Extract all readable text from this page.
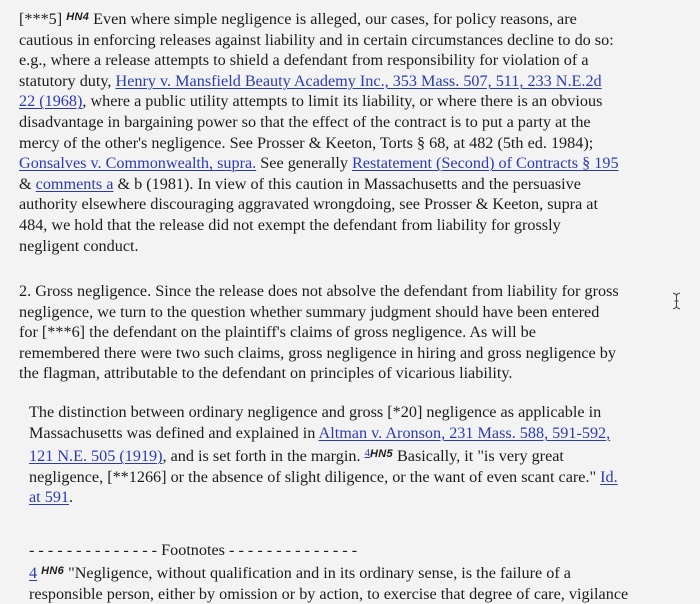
[***5] $^{HN4}$ Even where simple negligence is alleged, our cases, for policy reasons, are
cautious in enforcing releases against liability and in certain circumstances decline to do so:
e.g., where a release attempts to shield a defendant from responsibility for violation of a
statutory duty, Henry v. Mansfield Beauty Academy Inc., 353 Mass. 507, 511, 233 N.E.2d
22 (1968), where a public utility attempts to limit its liability, or where there is an obvious
disadvantage in bargaining power so that the effect of the contract is to put a party at the
mercy of the other's negligence. See Prosser & Keeton, Torts § 68, at 482 (5th ed. 1984);
Gonsalves v. Commonwealth, supra. See generally Restatement (Second) of Contracts § 195
& comments a & b (1981). In view of this caution in Massachusetts and the persuasive
authority elsewhere discouraging aggravated wrongdoing, see Prosser & Keeton, supra at
484, we hold that the release did not exempt the defendant from liability for grossly
negligent conduct.
2. Gross negligence. Since the release does not absolve the defendant from liability for gross
negligence, we turn to the question whether summary judgment should have been entered
for [***6] the defendant on the plaintiff's claims of gross negligence. As will be
remembered there were two such claims, gross negligence in hiring and gross negligence by
the flagman, attributable to the defendant on principles of vicarious liability.
The distinction between ordinary negligence and gross [*20] negligence as applicable in
Massachusetts was defined and explained in Altman v. Aronson, 231 Mass. 588, 591-592,
121 N.E. 505 (1919), and is set forth in the margin. $^{4HN5}$ Basically, it "is very great
negligence, [**1266] or the absence of slight diligence, or the want of even scant care." Id.
at 591.
- - - - - - - - - - - - - - Footnotes - - - - - - - - - - - - - -
4 $^{HN6}$ "Negligence, without qualification and in its ordinary sense, is the failure of a
responsible person, either by omission or by action, to exercise that degree of care, vigilance
